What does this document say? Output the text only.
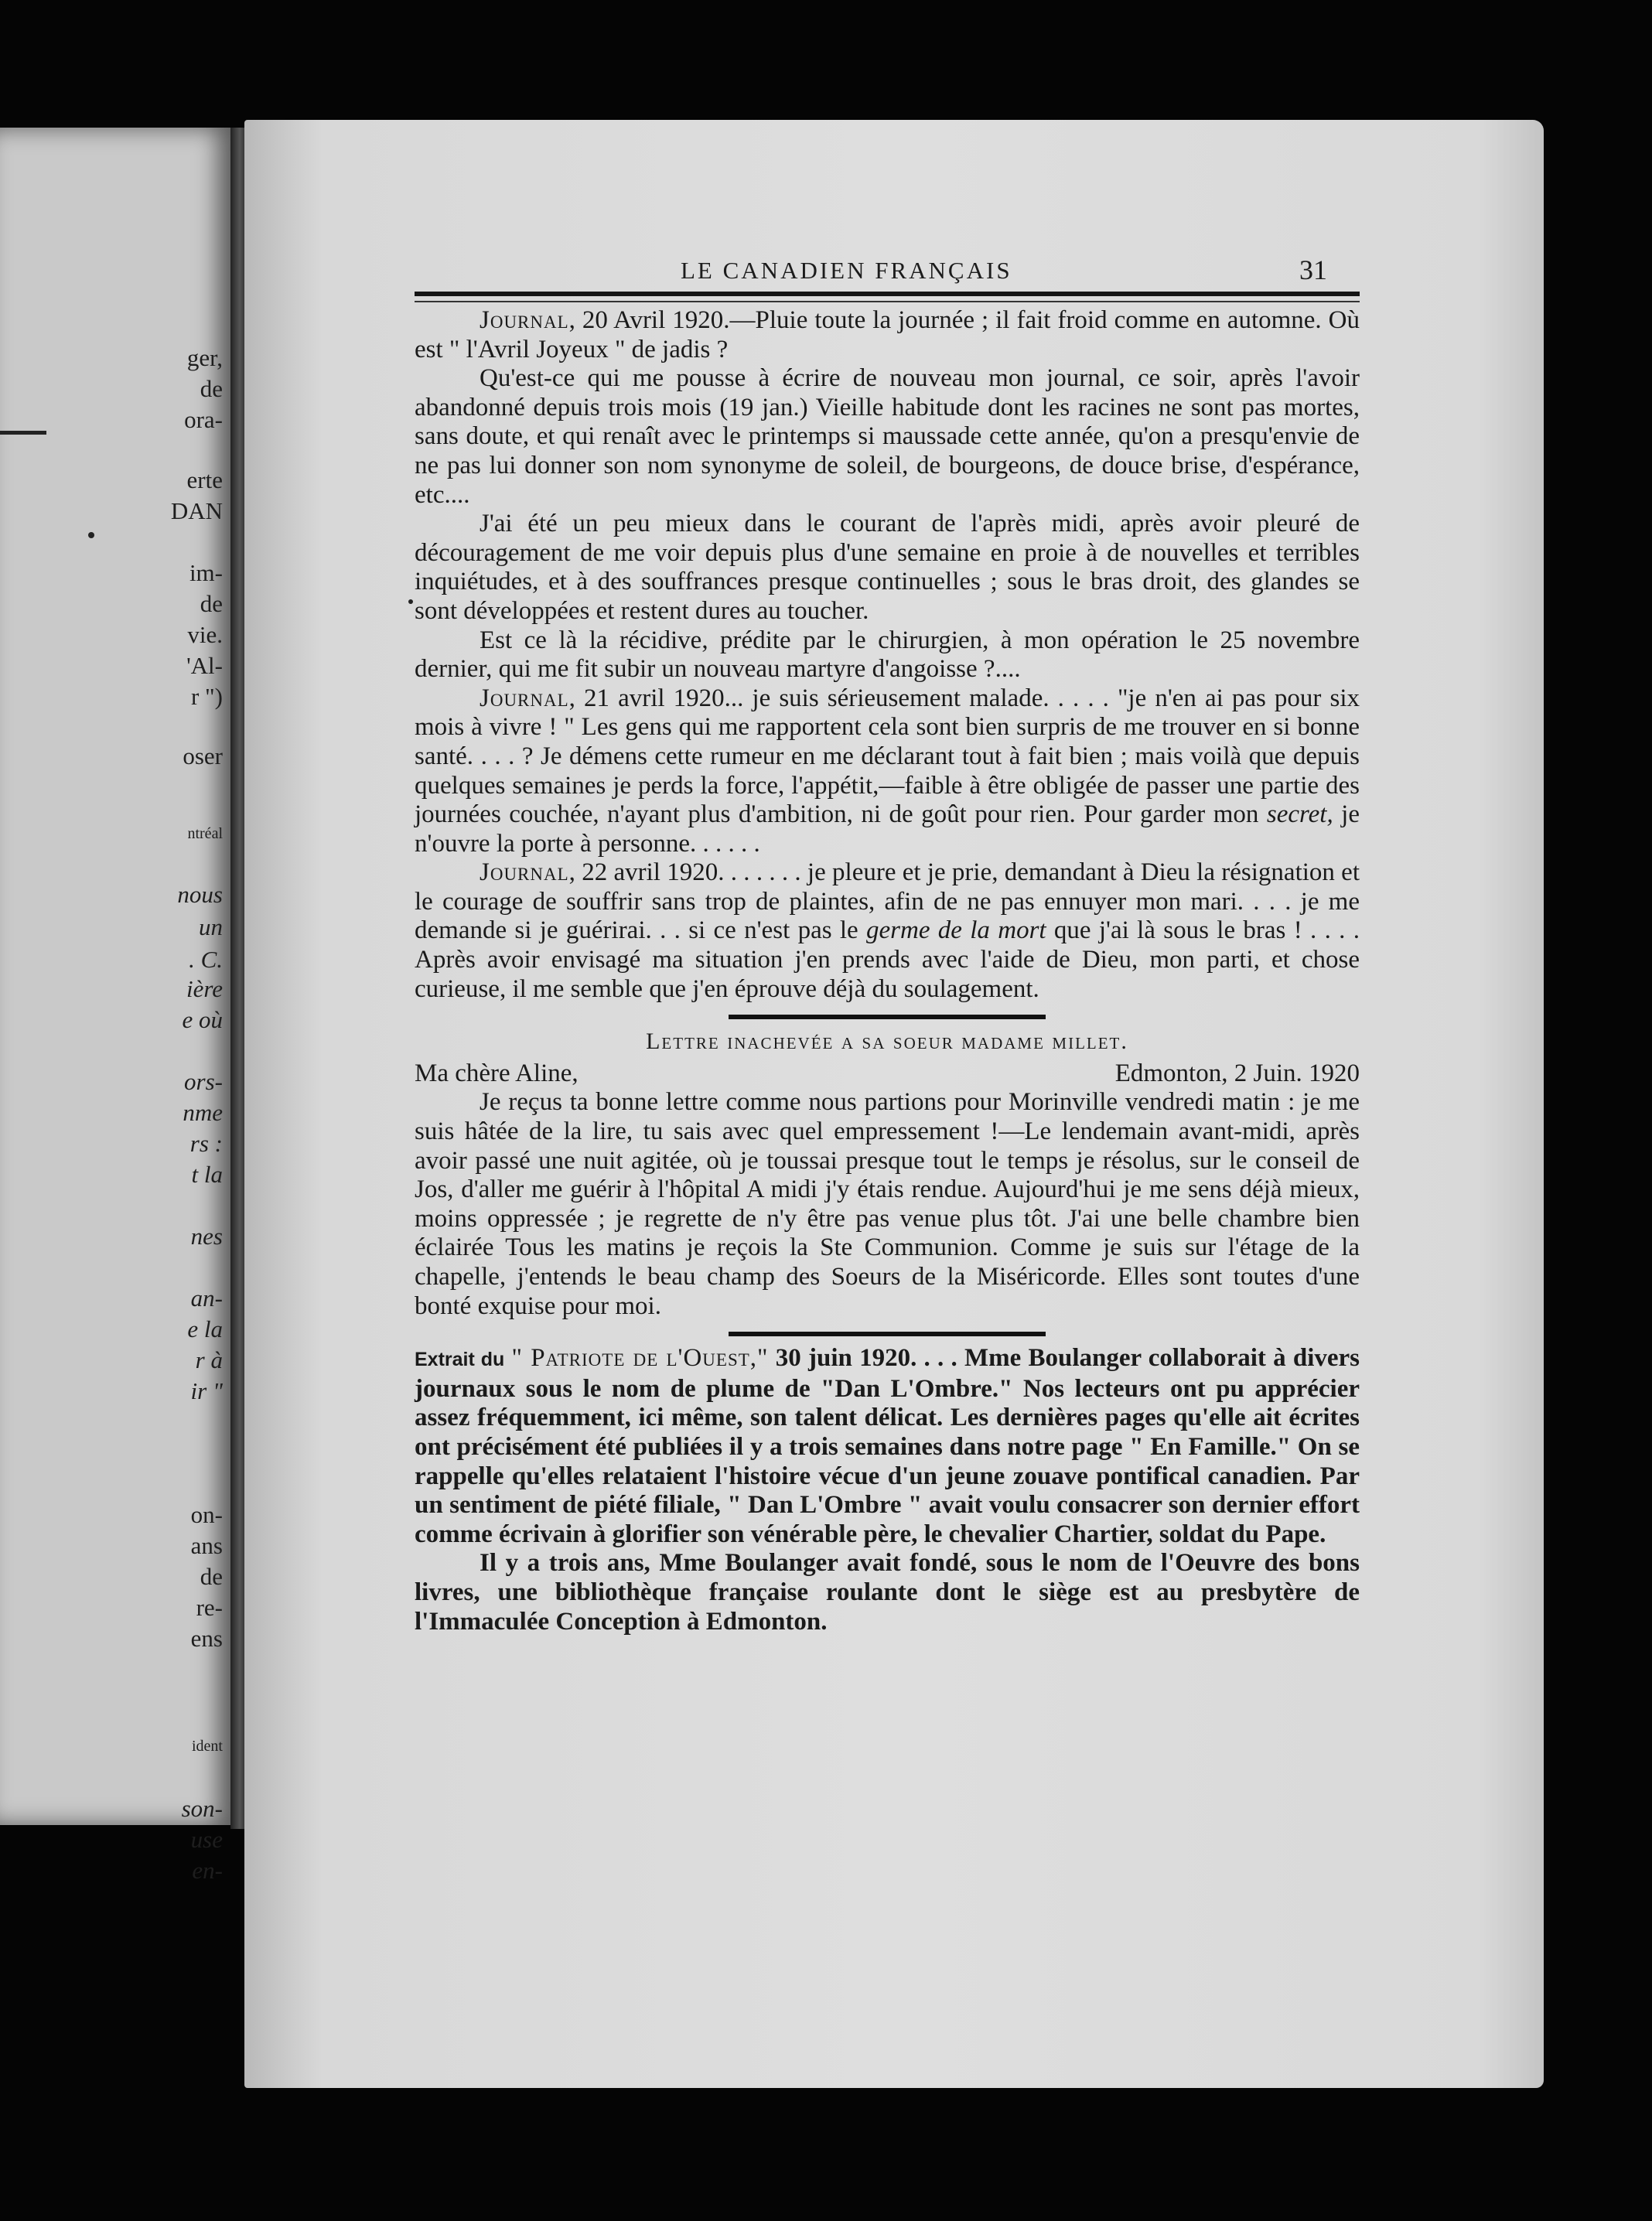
ger,
de
ora-
erte
DAN
im-
de
vie.
'Al-
r ")
oser
ntréal
nous
un
. C.
ière
e où
ors-
nme
rs :
t la
nes
an-
e la
r à
ir "
on-
ans
de
re-
ens
ident
son-
use
en-
LE CANADIEN FRANÇAIS	31

Journal, 20 Avril 1920.—Pluie toute la journée ; il fait froid comme en automne. Où est " l'Avril Joyeux " de jadis ?

Qu'est-ce qui me pousse à écrire de nouveau mon journal, ce soir, après l'avoir abandonné depuis trois mois (19 jan.) Vieille habitude dont les racines ne sont pas mortes, sans doute, et qui renaît avec le printemps si maussade cette année, qu'on a presqu'envie de ne pas lui donner son nom synonyme de soleil, de bourgeons, de douce brise, d'espérance, etc....

J'ai été un peu mieux dans le courant de l'après midi, après avoir pleuré de découragement de me voir depuis plus d'une semaine en proie à de nouvelles et terribles inquiétudes, et à des souffrances presque continuelles ; sous le bras droit, des glandes se sont développées et restent dures au toucher.

Est ce là la récidive, prédite par le chirurgien, à mon opération le 25 novembre dernier, qui me fit subir un nouveau martyre d'angoisse ?....

Journal, 21 avril 1920... je suis sérieusement malade. . . . . "je n'en ai pas pour six mois à vivre ! " Les gens qui me rapportent cela sont bien surpris de me trouver en si bonne santé. . . . ? Je démens cette rumeur en me déclarant tout à fait bien ; mais voilà que depuis quelques semaines je perds la force, l'appétit,—faible à être obligée de passer une partie des journées couchée, n'ayant plus d'ambition, ni de goût pour rien. Pour garder mon secret, je n'ouvre la porte à personne. . . . . .

Journal, 22 avril 1920. . . . . . . je pleure et je prie, demandant à Dieu la résignation et le courage de souffrir sans trop de plaintes, afin de ne pas ennuyer mon mari. . . . je me demande si je guérirai. . . si ce n'est pas le germe de la mort que j'ai là sous le bras ! . . . . Après avoir envisagé ma situation j'en prends avec l'aide de Dieu, mon parti, et chose curieuse, il me semble que j'en éprouve déjà du soulagement.

Lettre inachevée a sa soeur madame millet.
Ma chère Aline,	Edmonton, 2 Juin. 1920

Je reçus ta bonne lettre comme nous partions pour Morinville vendredi matin : je me suis hâtée de la lire, tu sais avec quel empressement !—Le lendemain avant-midi, après avoir passé une nuit agitée, où je toussai presque tout le temps je résolus, sur le conseil de Jos, d'aller me guérir à l'hôpital A midi j'y étais rendue. Aujourd'hui je me sens déjà mieux, moins oppressée ; je regrette de n'y être pas venue plus tôt. J'ai une belle chambre bien éclairée Tous les matins je reçois la Ste Communion. Comme je suis sur l'étage de la chapelle, j'entends le beau champ des Soeurs de la Miséricorde. Elles sont toutes d'une bonté exquise pour moi.

Extrait du " Patriote de l'Ouest," 30 juin 1920. . . . Mme Boulanger collaborait à divers journaux sous le nom de plume de "Dan L'Ombre." Nos lecteurs ont pu apprécier assez fréquemment, ici même, son talent délicat. Les dernières pages qu'elle ait écrites ont précisément été publiées il y a trois semaines dans notre page " En Famille." On se rappelle qu'elles relataient l'histoire vécue d'un jeune zouave pontifical canadien. Par un sentiment de piété filiale, " Dan L'Ombre " avait voulu consacrer son dernier effort comme écrivain à glorifier son vénérable père, le chevalier Chartier, soldat du Pape.

Il y a trois ans, Mme Boulanger avait fondé, sous le nom de l'Oeuvre des bons livres, une bibliothèque française roulante dont le siège est au presbytère de l'Immaculée Conception à Edmonton.
